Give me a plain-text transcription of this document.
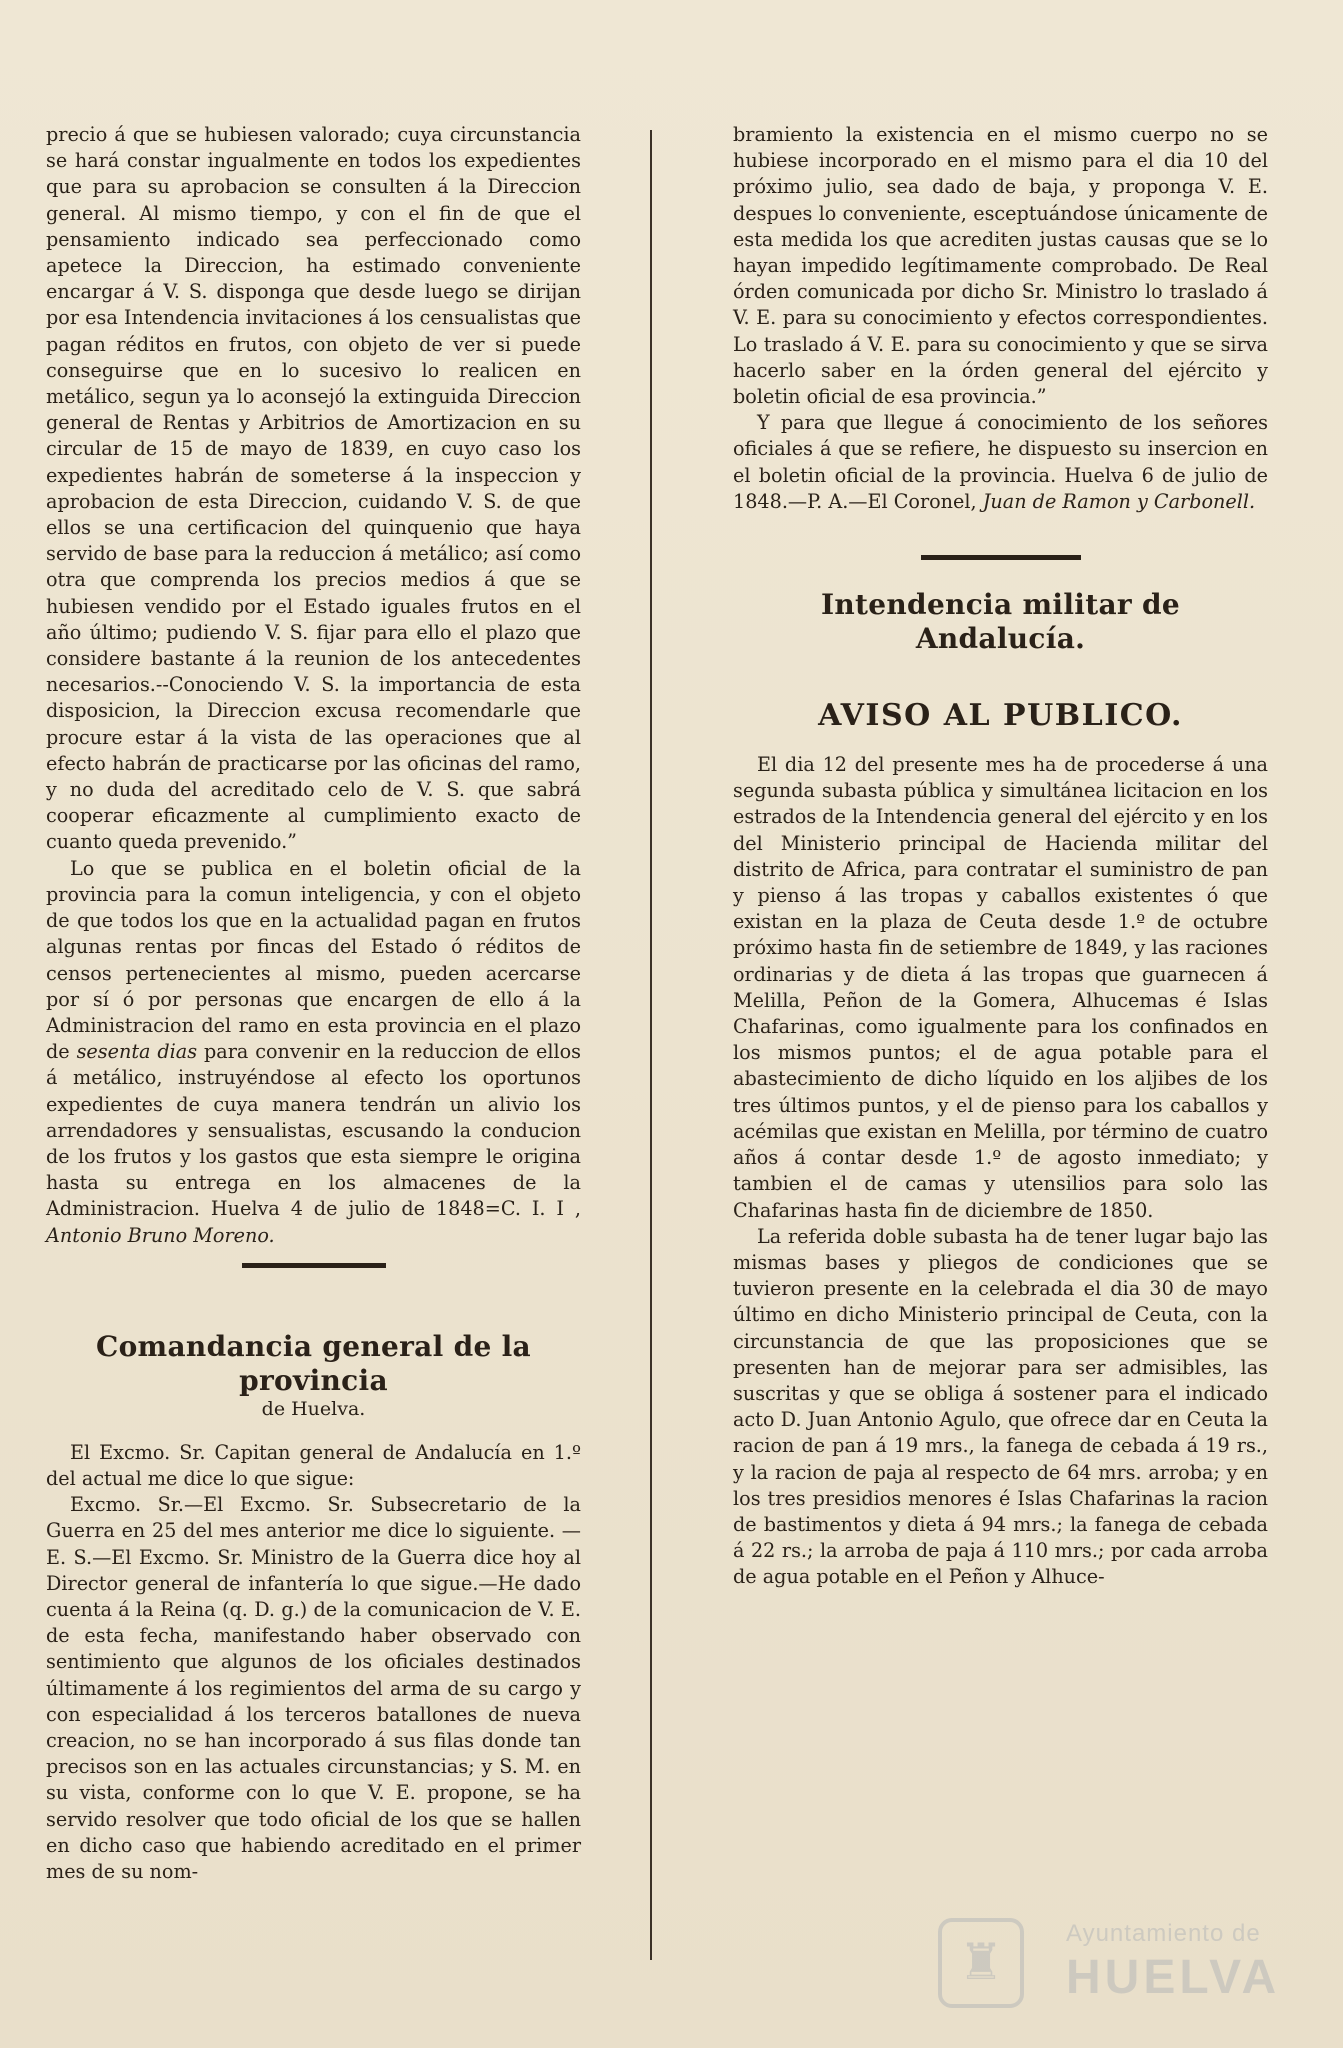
precio á que se hubiesen valorado; cuya circunstancia se hará constar ingualmente en todos los expedientes que para su aprobacion se consulten á la Direccion general. Al mismo tiempo, y con el fin de que el pensamiento indicado sea perfeccionado como apetece la Direccion, ha estimado conveniente encargar á V. S. disponga que desde luego se dirijan por esa Intendencia invitaciones á los censualistas que pagan réditos en frutos, con objeto de ver si puede conseguirse que en lo sucesivo lo realicen en metálico, segun ya lo aconsejó la extinguida Direccion general de Rentas y Arbitrios de Amortizacion en su circular de 15 de mayo de 1839, en cuyo caso los expedientes habrán de someterse á la inspeccion y aprobacion de esta Direccion, cuidando V. S. de que ellos se una certificacion del quinquenio que haya servido de base para la reduccion á metálico; así como otra que comprenda los precios medios á que se hubiesen vendido por el Estado iguales frutos en el año último; pudiendo V. S. fijar para ello el plazo que considere bastante á la reunion de los antecedentes necesarios.--Conociendo V. S. la importancia de esta disposicion, la Direccion excusa recomendarle que procure estar á la vista de las operaciones que al efecto habrán de practicarse por las oficinas del ramo, y no duda del acreditado celo de V. S. que sabrá cooperar eficazmente al cumplimiento exacto de cuanto queda prevenido.”

Lo que se publica en el boletin oficial de la provincia para la comun inteligencia, y con el objeto de que todos los que en la actualidad pagan en frutos algunas rentas por fincas del Estado ó réditos de censos pertenecientes al mismo, pueden acercarse por sí ó por personas que encargen de ello á la Administracion del ramo en esta provincia en el plazo de sesenta dias para convenir en la reduccion de ellos á metálico, instruyéndose al efecto los oportunos expedientes de cuya manera tendrán un alivio los arrendadores y sensualistas, escusando la conducion de los frutos y los gastos que esta siempre le origina hasta su entrega en los almacenes de la Administracion. Huelva 4 de julio de 1848=C. I. I , Antonio Bruno Moreno.

Comandancia general de la provincia
de Huelva.

El Excmo. Sr. Capitan general de Andalucía en 1.º del actual me dice lo que sigue:

Excmo. Sr.—El Excmo. Sr. Subsecretario de la Guerra en 25 del mes anterior me dice lo siguiente. —E. S.—El Excmo. Sr. Ministro de la Guerra dice hoy al Director general de infantería lo que sigue.—He dado cuenta á la Reina (q. D. g.) de la comunicacion de V. E. de esta fecha, manifestando haber observado con sentimiento que algunos de los oficiales destinados últimamente á los regimientos del arma de su cargo y con especialidad á los terceros batallones de nueva creacion, no se han incorporado á sus filas donde tan precisos son en las actuales circunstancias; y S. M. en su vista, conforme con lo que V. E. propone, se ha servido resolver que todo oficial de los que se hallen en dicho caso que habiendo acreditado en el primer mes de su nom-

bramiento la existencia en el mismo cuerpo no se hubiese incorporado en el mismo para el dia 10 del próximo julio, sea dado de baja, y proponga V. E. despues lo conveniente, esceptuándose únicamente de esta medida los que acrediten justas causas que se lo hayan impedido legítimamente comprobado. De Real órden comunicada por dicho Sr. Ministro lo traslado á V. E. para su conocimiento y efectos correspondientes. Lo traslado á V. E. para su conocimiento y que se sirva hacerlo saber en la órden general del ejército y boletin oficial de esa provincia.”

Y para que llegue á conocimiento de los señores oficiales á que se refiere, he dispuesto su insercion en el boletin oficial de la provincia. Huelva 6 de julio de 1848.—P. A.—El Coronel, Juan de Ramon y Carbonell.

Intendencia militar de Andalucía.
AVISO AL PUBLICO.

El dia 12 del presente mes ha de procederse á una segunda subasta pública y simultánea licitacion en los estrados de la Intendencia general del ejército y en los del Ministerio principal de Hacienda militar del distrito de Africa, para contratar el suministro de pan y pienso á las tropas y caballos existentes ó que existan en la plaza de Ceuta desde 1.º de octubre próximo hasta fin de setiembre de 1849, y las raciones ordinarias y de dieta á las tropas que guarnecen á Melilla, Peñon de la Gomera, Alhucemas é Islas Chafarinas, como igualmente para los confinados en los mismos puntos; el de agua potable para el abastecimiento de dicho líquido en los aljibes de los tres últimos puntos, y el de pienso para los caballos y acémilas que existan en Melilla, por término de cuatro años á contar desde 1.º de agosto inmediato; y tambien el de camas y utensilios para solo las Chafarinas hasta fin de diciembre de 1850.

La referida doble subasta ha de tener lugar bajo las mismas bases y pliegos de condiciones que se tuvieron presente en la celebrada el dia 30 de mayo último en dicho Ministerio principal de Ceuta, con la circunstancia de que las proposiciones que se presenten han de mejorar para ser admisibles, las suscritas y que se obliga á sostener para el indicado acto D. Juan Antonio Agulo, que ofrece dar en Ceuta la racion de pan á 19 mrs., la fanega de cebada á 19 rs., y la racion de paja al respecto de 64 mrs. arroba; y en los tres presidios menores é Islas Chafarinas la racion de bastimentos y dieta á 94 mrs.; la fanega de cebada á 22 rs.; la arroba de paja á 110 mrs.; por cada arroba de agua potable en el Peñon y Alhuce-

♜	Ayuntamiento de
HUELVA
